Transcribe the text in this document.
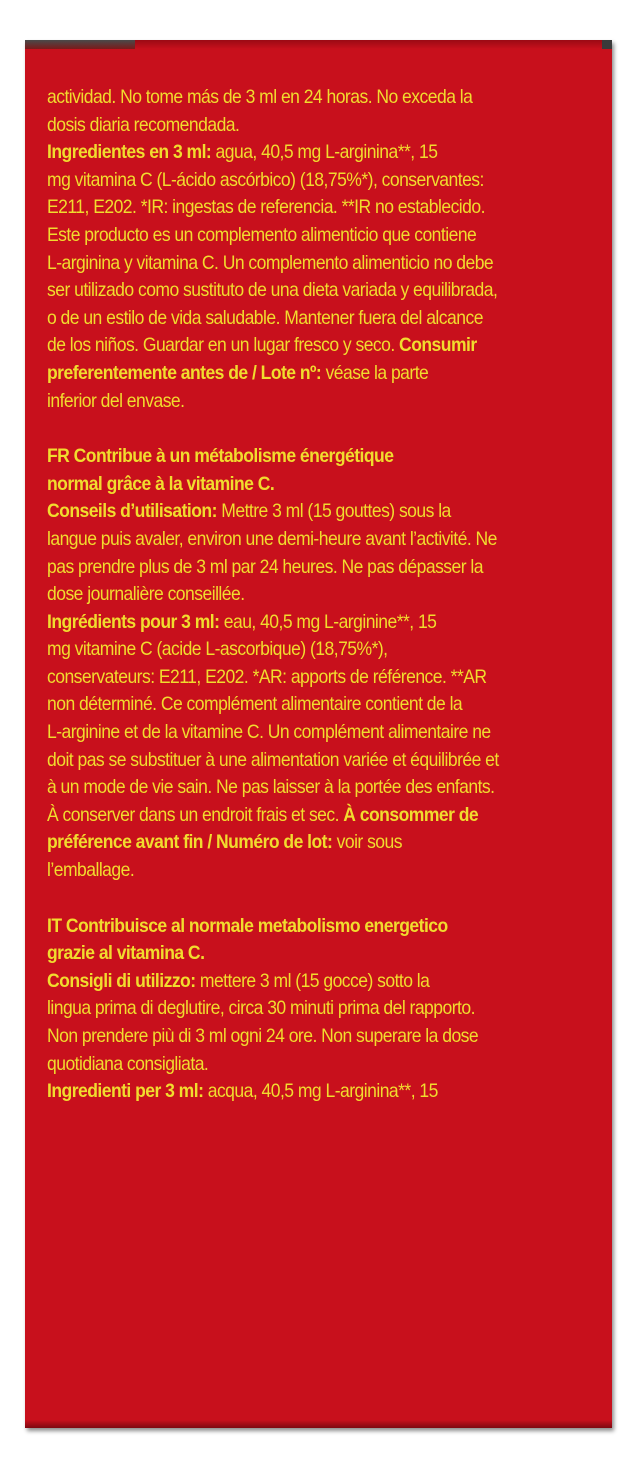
actividad. No tome más de 3 ml en 24 horas. No exceda la
dosis diaria recomendada.
Ingredientes en 3 ml: agua, 40,5 mg L-arginina**, 15
mg vitamina C (L-ácido ascórbico) (18,75%*), conservantes:
E211, E202. *IR: ingestas de referencia. **IR no establecido.
Este producto es un complemento alimenticio que contiene
L-arginina y vitamina C. Un complemento alimenticio no debe
ser utilizado como sustituto de una dieta variada y equilibrada,
o de un estilo de vida saludable. Mantener fuera del alcance
de los niños. Guardar en un lugar fresco y seco. Consumir
preferentemente antes de / Lote nº: véase la parte
inferior del envase.
FR Contribue à un métabolisme énergétique
normal grâce à la vitamine C.
Conseils d’utilisation: Mettre 3 ml (15 gouttes) sous la
langue puis avaler, environ une demi-heure avant l’activité. Ne
pas prendre plus de 3 ml par 24 heures. Ne pas dépasser la
dose journalière conseillée.
Ingrédients pour 3 ml: eau, 40,5 mg L-arginine**, 15
mg vitamine C (acide L-ascorbique) (18,75%*),
conservateurs: E211, E202. *AR: apports de référence. **AR
non déterminé. Ce complément alimentaire contient de la
L-arginine et de la vitamine C. Un complément alimentaire ne
doit pas se substituer à une alimentation variée et équilibrée et
à un mode de vie sain. Ne pas laisser à la portée des enfants.
À conserver dans un endroit frais et sec. À consommer de
préférence avant fin / Numéro de lot: voir sous
l’emballage.
IT Contribuisce al normale metabolismo energetico
grazie al vitamina C.
Consigli di utilizzo: mettere 3 ml (15 gocce) sotto la
lingua prima di deglutire, circa 30 minuti prima del rapporto.
Non prendere più di 3 ml ogni 24 ore. Non superare la dose
quotidiana consigliata.
Ingredienti per 3 ml: acqua, 40,5 mg L-arginina**, 15
